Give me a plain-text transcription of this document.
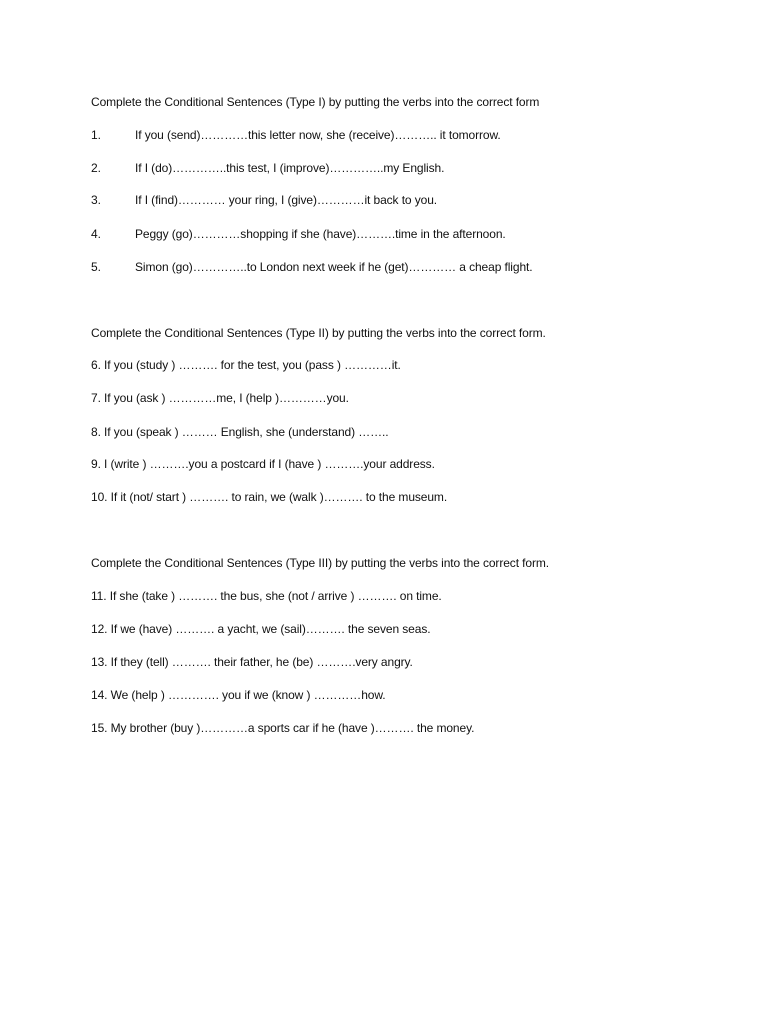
Complete the Conditional Sentences (Type I) by putting the verbs into the correct form
1.	If you (send)…………this letter now, she (receive)……….. it tomorrow.
2.	If I (do)…………..this test, I (improve)…………..my English.
3.	If I (find)………… your ring, I (give)…………it back to you.
4.	Peggy (go)…………shopping if she (have)……….time in the afternoon.
5.	Simon (go)…………..to London next week if he (get)………… a cheap flight.
Complete the Conditional Sentences (Type II) by putting the verbs into the correct form.
6. If you (study ) ………. for the test, you (pass ) …………it.
7. If you (ask ) …………me, I (help )…………you.
8. If you (speak ) ……… English, she (understand) ……..
9. I (write ) ……….you a postcard if I (have ) ……….your address.
10. If it (not/ start ) ………. to rain, we (walk )………. to the museum.
Complete the Conditional Sentences (Type III) by putting the verbs into the correct form.
11. If she (take ) ………. the bus, she (not / arrive ) ………. on time.
12. If we (have) ………. a yacht, we (sail)………. the seven seas.
13. If they (tell) ………. their father, he (be) ……….very angry.
14. We (help ) …………. you if we (know ) …………how.
15. My brother (buy )…………a sports car if he (have )………. the money.
